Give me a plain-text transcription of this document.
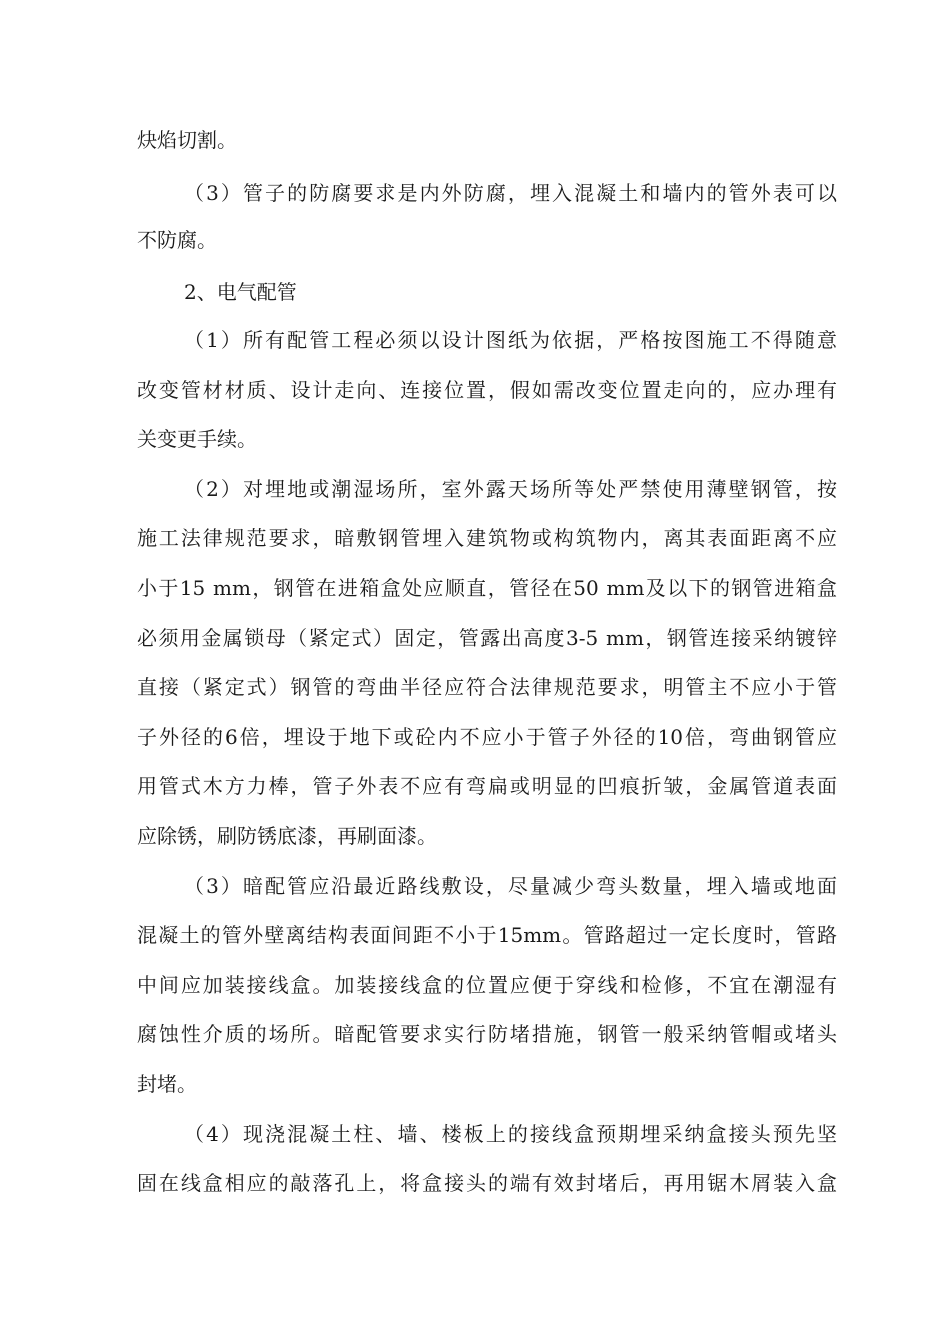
炔焰切割。
（3）管子的防腐要求是内外防腐，埋入混凝土和墙内的管外表可以
不防腐。
2、电气配管
（1）所有配管工程必须以设计图纸为依据，严格按图施工不得随意
改变管材材质、设计走向、连接位置，假如需改变位置走向的，应办理有
关变更手续。
（2）对埋地或潮湿场所，室外露天场所等处严禁使用薄壁钢管，按
施工法律规范要求，暗敷钢管埋入建筑物或构筑物内，离其表面距离不应
小于15 mm，钢管在进箱盒处应顺直，管径在50 mm及以下的钢管进箱盒
必须用金属锁母（紧定式）固定，管露出高度3-5 mm，钢管连接采纳镀锌
直接（紧定式）钢管的弯曲半径应符合法律规范要求，明管主不应小于管
子外径的6倍，埋设于地下或砼内不应小于管子外径的10倍，弯曲钢管应
用管式木方力棒，管子外表不应有弯扁或明显的凹痕折皱，金属管道表面
应除锈，刷防锈底漆，再刷面漆。
（3）暗配管应沿最近路线敷设，尽量减少弯头数量，埋入墙或地面
混凝土的管外壁离结构表面间距不小于15mm。管路超过一定长度时，管路
中间应加装接线盒。加装接线盒的位置应便于穿线和检修，不宜在潮湿有
腐蚀性介质的场所。暗配管要求实行防堵措施，钢管一般采纳管帽或堵头
封堵。
（4）现浇混凝土柱、墙、楼板上的接线盒预期埋采纳盒接头预先坚
固在线盒相应的敲落孔上，将盒接头的端有效封堵后，再用锯木屑装入盒
